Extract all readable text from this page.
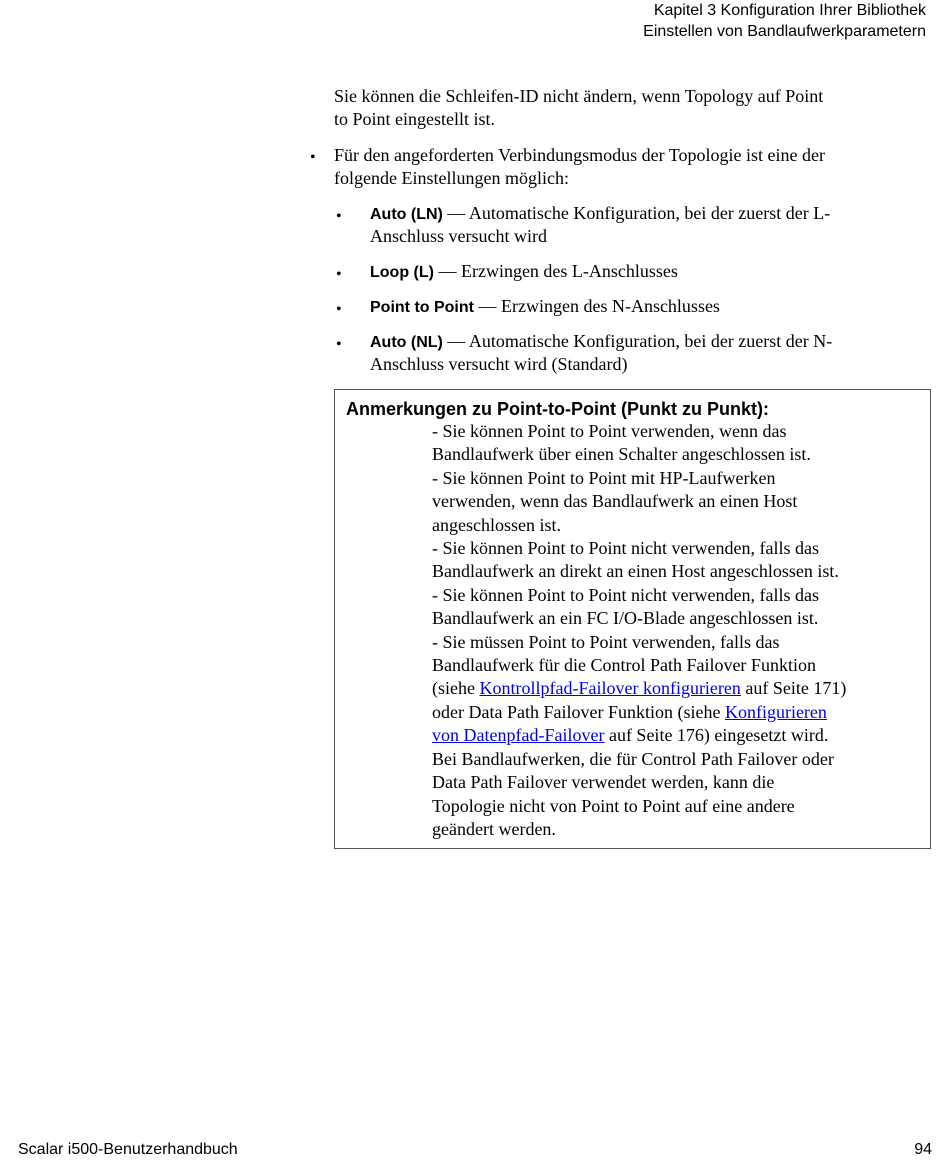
Kapitel 3 Konfiguration Ihrer Bibliothek
Einstellen von Bandlaufwerkparametern
Sie können die Schleifen-ID nicht ändern, wenn Topology auf Point
to Point eingestellt ist.
• Für den angeforderten Verbindungsmodus der Topologie ist eine der
folgende Einstellungen möglich:
• Auto (LN) — Automatische Konfiguration, bei der zuerst der L-
Anschluss versucht wird
• Loop (L) — Erzwingen des L-Anschlusses
• Point to Point — Erzwingen des N-Anschlusses
• Auto (NL) — Automatische Konfiguration, bei der zuerst der N-
Anschluss versucht wird (Standard)
Anmerkungen zu Point-to-Point (Punkt zu Punkt):
- Sie können Point to Point verwenden, wenn das
Bandlaufwerk über einen Schalter angeschlossen ist.
- Sie können Point to Point mit HP-Laufwerken
verwenden, wenn das Bandlaufwerk an einen Host
angeschlossen ist.
- Sie können Point to Point nicht verwenden, falls das
Bandlaufwerk an direkt an einen Host angeschlossen ist.
- Sie können Point to Point nicht verwenden, falls das
Bandlaufwerk an ein FC I/O-Blade angeschlossen ist.
- Sie müssen Point to Point verwenden, falls das
Bandlaufwerk für die Control Path Failover Funktion
(siehe Kontrollpfad-Failover konfigurieren auf Seite 171)
oder Data Path Failover Funktion (siehe Konfigurieren
von Datenpfad-Failover auf Seite 176) eingesetzt wird.
Bei Bandlaufwerken, die für Control Path Failover oder
Data Path Failover verwendet werden, kann die
Topologie nicht von Point to Point auf eine andere
geändert werden.
Scalar i500-Benutzerhandbuch	94
